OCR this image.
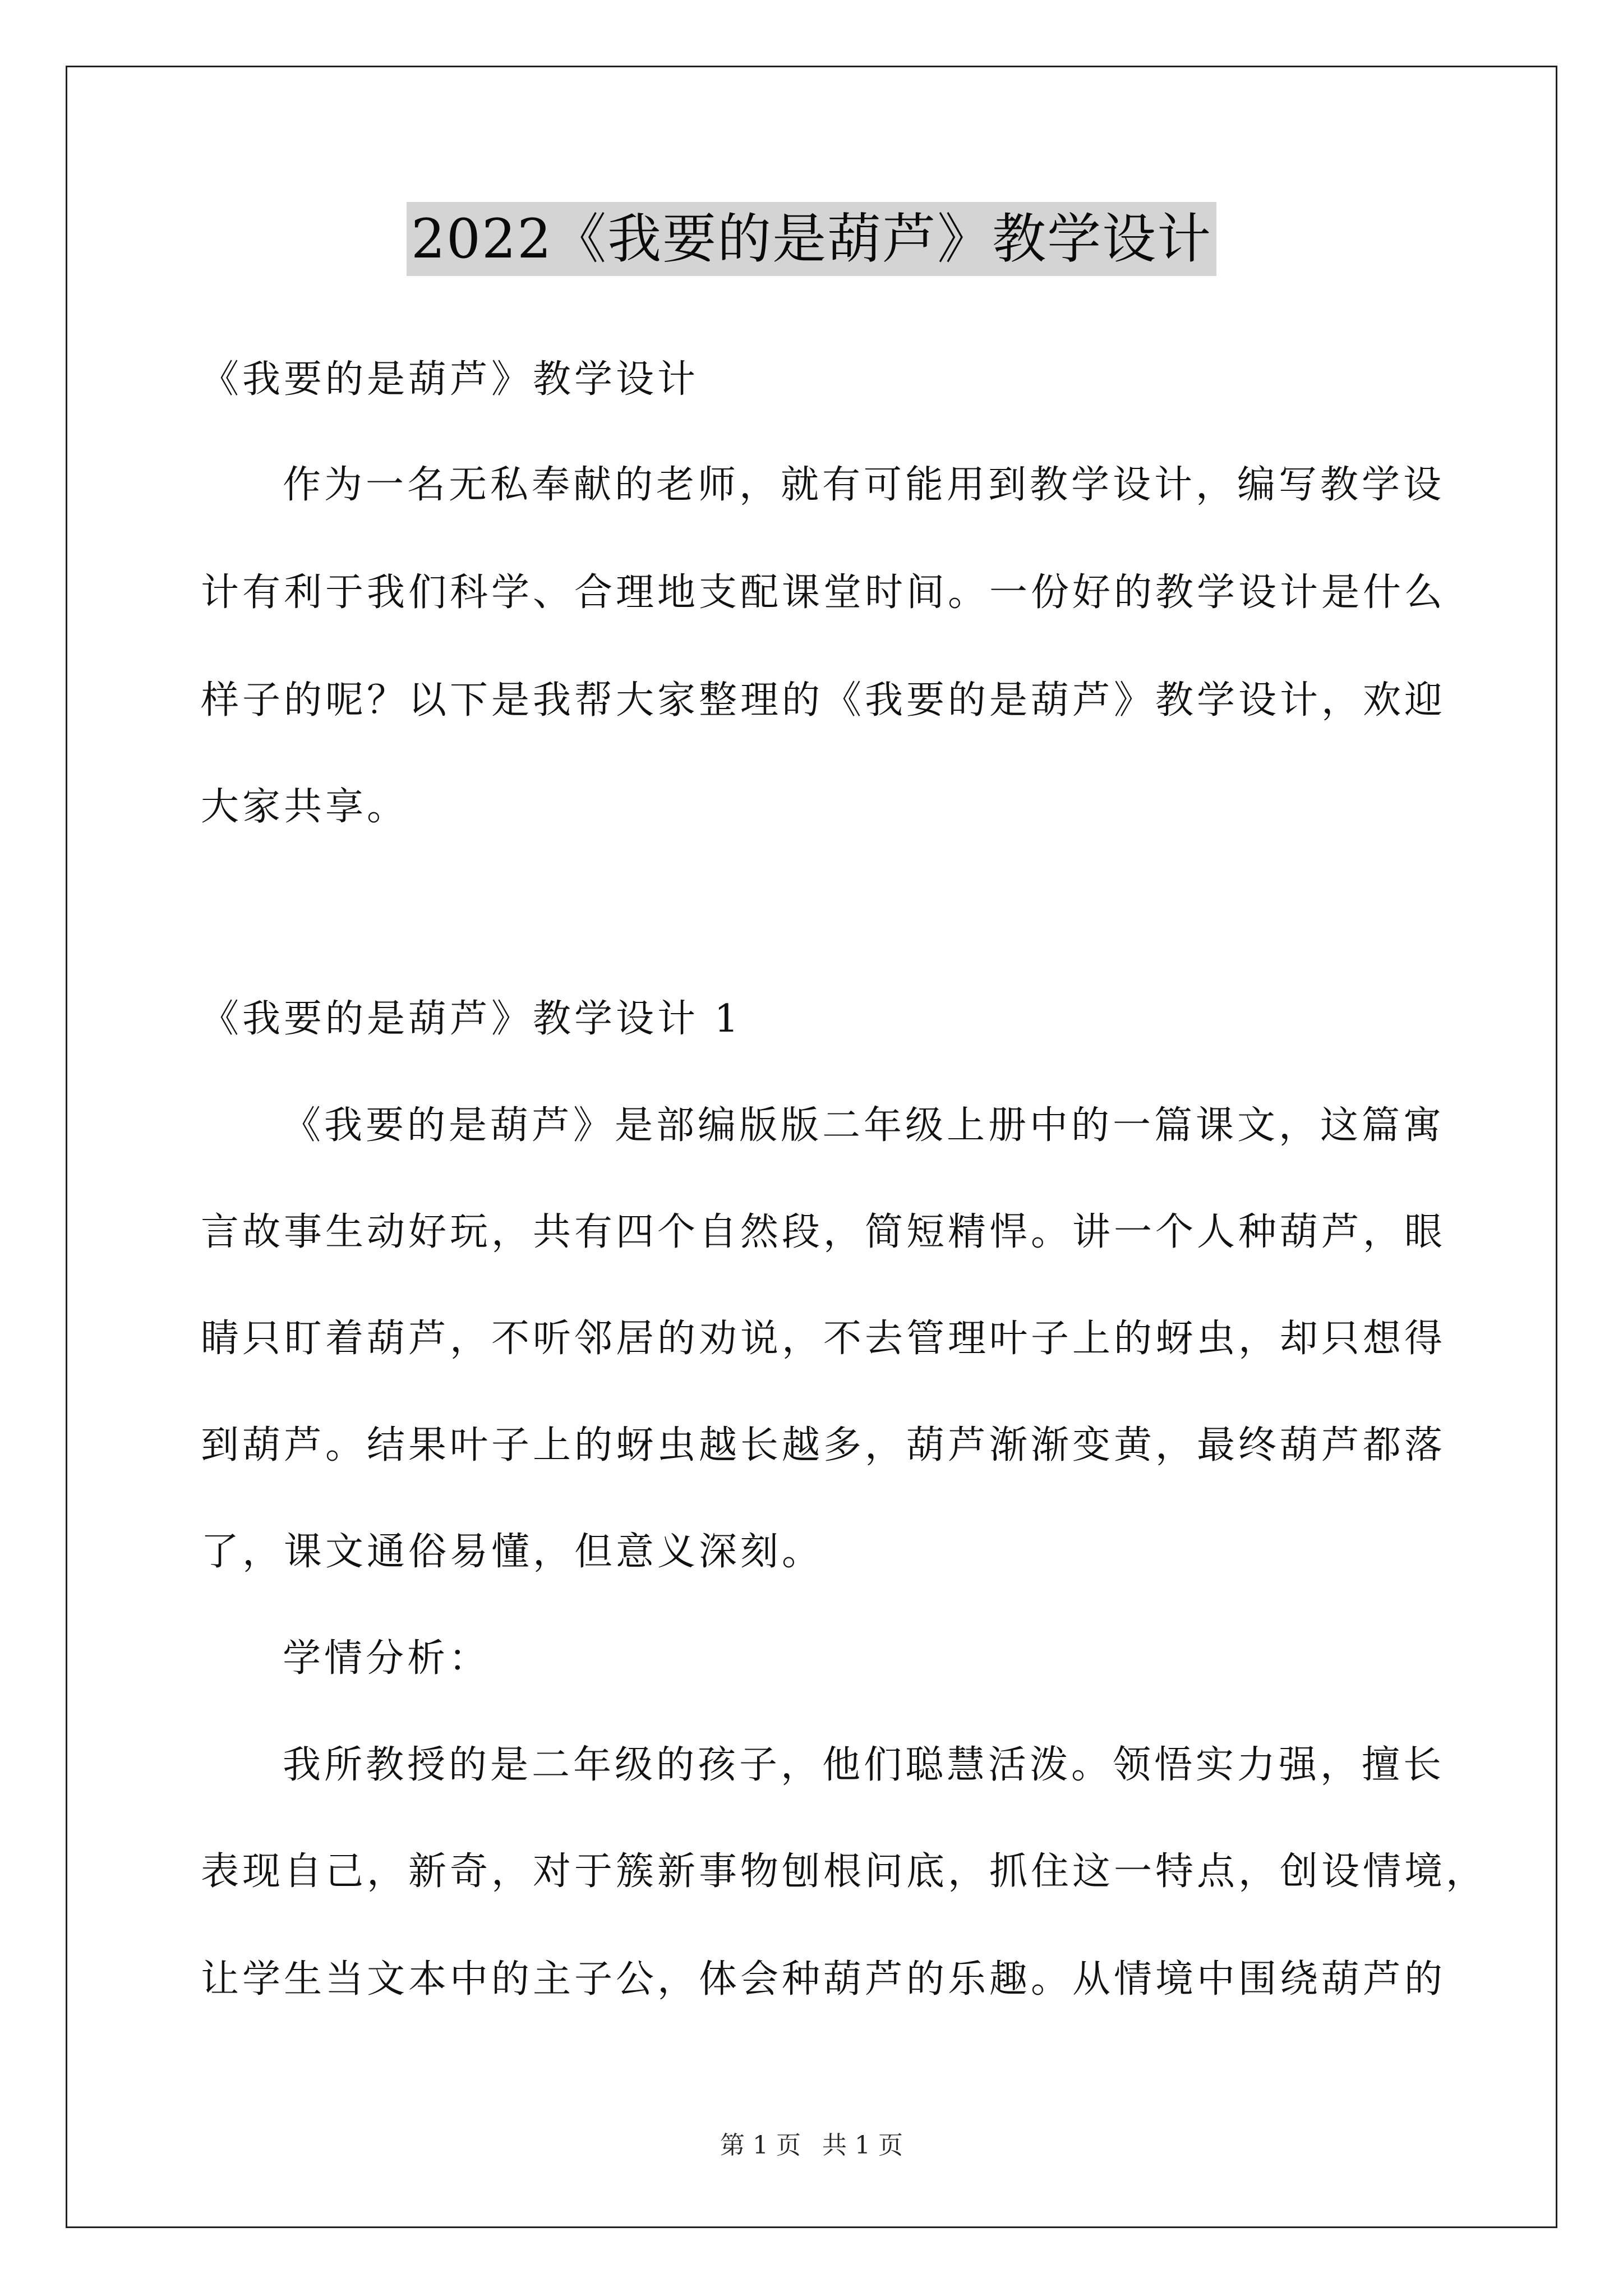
2022《我要的是葫芦》教学设计
《我要的是葫芦》教学设计
作为一名无私奉献的老师，就有可能用到教学设计，编写教学设
计有利于我们科学、合理地支配课堂时间。一份好的教学设计是什么
样子的呢？以下是我帮大家整理的《我要的是葫芦》教学设计，欢迎
大家共享。
《我要的是葫芦》教学设计 1
《我要的是葫芦》是部编版版二年级上册中的一篇课文，这篇寓
言故事生动好玩，共有四个自然段，简短精悍。讲一个人种葫芦，眼
睛只盯着葫芦，不听邻居的劝说，不去管理叶子上的蚜虫，却只想得
到葫芦。结果叶子上的蚜虫越长越多，葫芦渐渐变黄，最终葫芦都落
了，课文通俗易懂，但意义深刻。
学情分析：
我所教授的是二年级的孩子，他们聪慧活泼。领悟实力强，擅长
表现自己，新奇，对于簇新事物刨根问底，抓住这一特点，创设情境，
让学生当文本中的主子公，体会种葫芦的乐趣。从情境中围绕葫芦的
第 1 页 共 1 页
